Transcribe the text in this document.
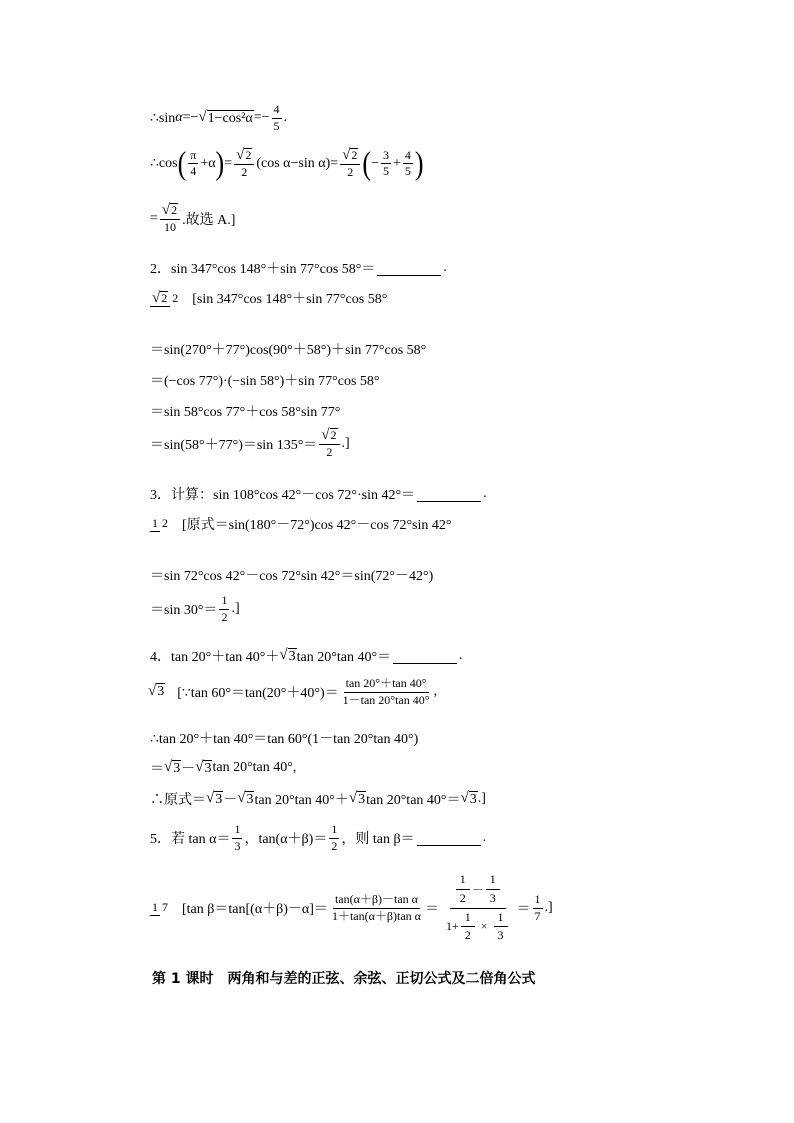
∴sin α =− √ $1-\cos^2\alpha =- \frac{4}{5}$ .
∴cos ( $\frac{\pi}{4} +\alpha$ ) = $\frac{√ 2}{2} (\cos$ α−sin $\alpha)= \frac{√ 2}{2}$ ( − $\frac{3}{5} + \frac{4}{5}$ )
= $\frac{√ 2}{10}$ .故选 A.]
2．sin 347°cos 148°＋sin 77°cos 58°＝	.
√ 2 2 [sin 347°cos 148°＋sin 77°cos 58°
＝sin(270°＋77°)cos(90°＋58°)＋sin 77°cos 58°
＝(−cos 77°)·(−sin 58°)＋sin 77°cos 58°
＝sin 58°cos 77°＋cos 58°sin 77°
＝sin(58°＋77°)＝sin $135^\circ= \frac{√ 2}{2}$ .]
3．计算：sin 108°cos 42°－cos 72°·sin 42°＝	.
1 2 [原式＝sin(180°－72°)cos 42°－cos 72°sin 42°
＝sin 72°cos 42°－cos 72°sin 42°＝sin(72°－42°)
＝sin $30^\circ= \frac{1}{2}$ .]
4．tan 20°＋tan 40°＋ √ 3 tan 20°tan 40°＝	.
√3 [∵tan $60^\circ=\tan(20^\circ+40^\circ)= \frac{\tan 20^\circ+\tan 40^\circ}{1-\tan 20^\circ\tan 40^\circ}$ ,
∴tan 20°＋tan 40°＝tan 60°(1－tan 20°tan 40°)
＝ √ 3 － √ 3 tan 20°tan 40°,
∴原式＝ √ 3 － √ 3 tan 20°tan 40°＋ √ 3 tan 20°tan 40°＝ √ 3 .]
5．若 $\tan \alpha= \frac{1}{3}$ ，$\tan(\alpha+\beta)= \frac{1}{2}$ ，则 tan β＝	.
1 7 [tan $\beta=\tan[(\alpha+\beta)-\alpha]= \frac{\text{tan(α＋β)－tan α}}{\text{1＋tan(α＋β)tan α}} = \frac{\frac{1}{2} - \frac{1}{3}}{1+ \frac{1}{2} \times \frac{1}{3}} = \frac{1}{7}$ .]
第 1 课时　两角和与差的正弦、余弦、正切公式及二倍角公式
